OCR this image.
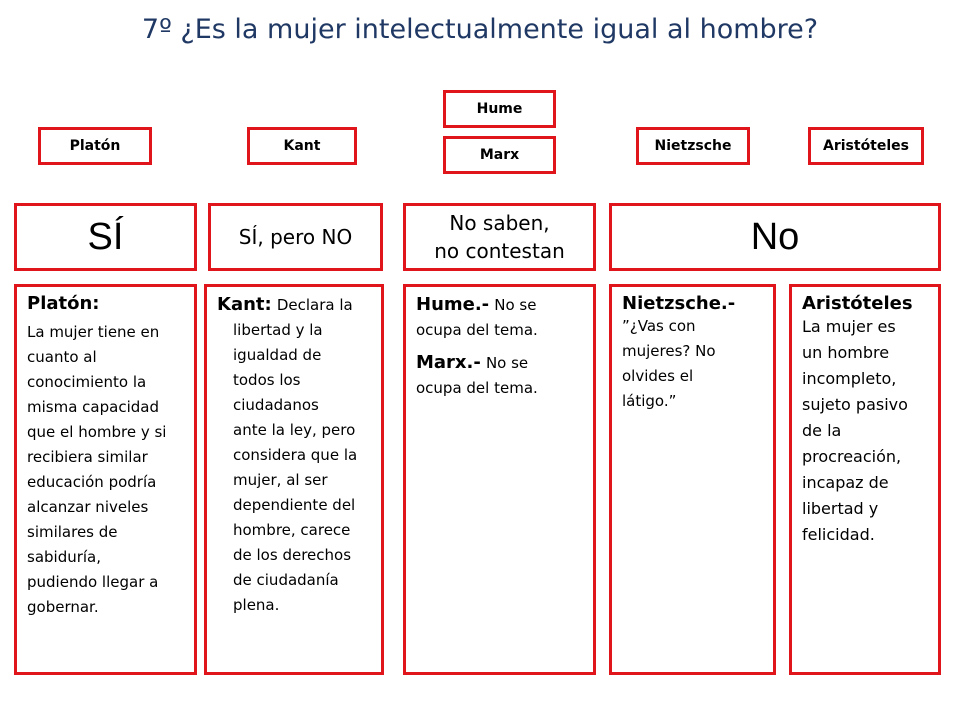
7º ¿Es la mujer intelectualmente igual al hombre?
Platón	Kant
Hume
Marx
Nietzsche	Aristóteles
SÍ	SÍ, pero NO
No saben,
no contestan	No
Platón:
La mujer tiene en
cuanto al
conocimiento la
misma capacidad
que el hombre y si
recibiera similar
educación podría
alcanzar niveles
similares de
sabiduría,
pudiendo llegar a
gobernar.
Kant: Declara la
libertad y la
igualdad de
todos los
ciudadanos
ante la ley, pero
considera que la
mujer, al ser
dependiente del
hombre, carece
de los derechos
de ciudadanía
plena.
Hume.- No se
ocupa del tema.
Marx.- No se
ocupa del tema.
Nietzsche.-
”¿Vas con
mujeres? No
olvides el
látigo.”
Aristóteles
La mujer es
un hombre
incompleto,
sujeto pasivo
de la
procreación,
incapaz de
libertad y
felicidad.
